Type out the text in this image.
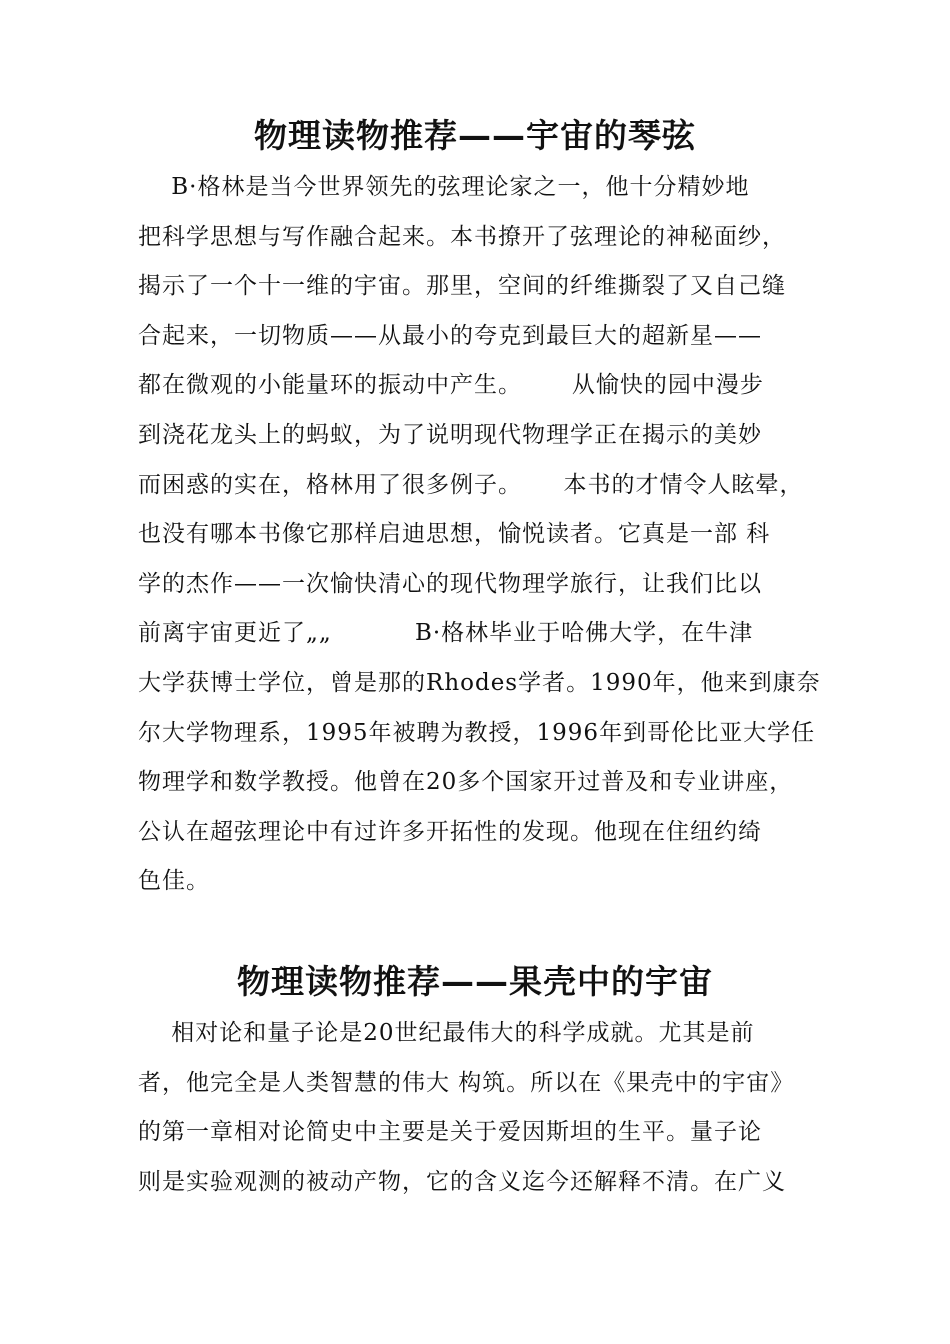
物理读物推荐——宇宙的琴弦
B·格林是当今世界领先的弦理论家之一，他十分精妙地
把科学思想与写作融合起来。本书撩开了弦理论的神秘面纱，
揭示了一个十一维的宇宙。那里，空间的纤维撕裂了又自己缝
合起来，一切物质——从最小的夸克到最巨大的超新星——
都在微观的小能量环的振动中产生。      从愉快的园中漫步
到浇花龙头上的蚂蚁，为了说明现代物理学正在揭示的美妙
而困惑的实在，格林用了很多例子。     本书的才情令人眩晕，
也没有哪本书像它那样启迪思想，愉悦读者。它真是一部 科
学的杰作——一次愉快清心的现代物理学旅行，让我们比以
前离宇宙更近了„„          B·格林毕业于哈佛大学，在牛津
大学获博士学位，曾是那的Rhodes学者。1990年，他来到康奈
尔大学物理系，1995年被聘为教授，1996年到哥伦比亚大学任
物理学和数学教授。他曾在20多个国家开过普及和专业讲座，
公认在超弦理论中有过许多开拓性的发现。他现在住纽约绮
色佳。
物理读物推荐——果壳中的宇宙
相对论和量子论是20世纪最伟大的科学成就。尤其是前
者，他完全是人类智慧的伟大 构筑。所以在《果壳中的宇宙》
的第一章相对论简史中主要是关于爱因斯坦的生平。量子论
则是实验观测的被动产物，它的含义迄今还解释不清。在广义
